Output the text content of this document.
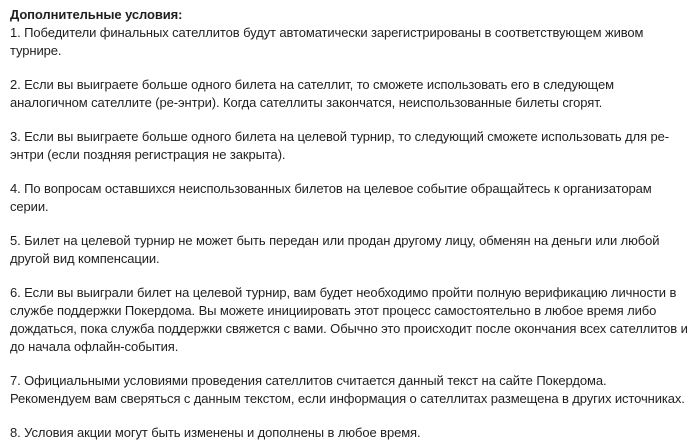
Дополнительные условия:
1. Победители финальных сателлитов будут автоматически зарегистрированы в соответствующем живом турнире.
2. Если вы выиграете больше одного билета на сателлит, то сможете использовать его в следующем аналогичном сателлите (ре-энтри). Когда сателлиты закончатся, неиспользованные билеты сгорят.
3. Если вы выиграете больше одного билета на целевой турнир, то следующий сможете использовать для ре-энтри (если поздняя регистрация не закрыта).
4. По вопросам оставшихся неиспользованных билетов на целевое событие обращайтесь к организаторам серии.
5. Билет на целевой турнир не может быть передан или продан другому лицу, обменян на деньги или любой другой вид компенсации.
6. Если вы выиграли билет на целевой турнир, вам будет необходимо пройти полную верификацию личности в службе поддержки Покердома. Вы можете инициировать этот процесс самостоятельно в любое время либо дождаться, пока служба поддержки свяжется с вами. Обычно это происходит после окончания всех сателлитов и до начала офлайн-события.
7. Официальными условиями проведения сателлитов считается данный текст на сайте Покердома. Рекомендуем вам сверяться с данным текстом, если информация о сателлитах размещена в других источниках.
8. Условия акции могут быть изменены и дополнены в любое время.
